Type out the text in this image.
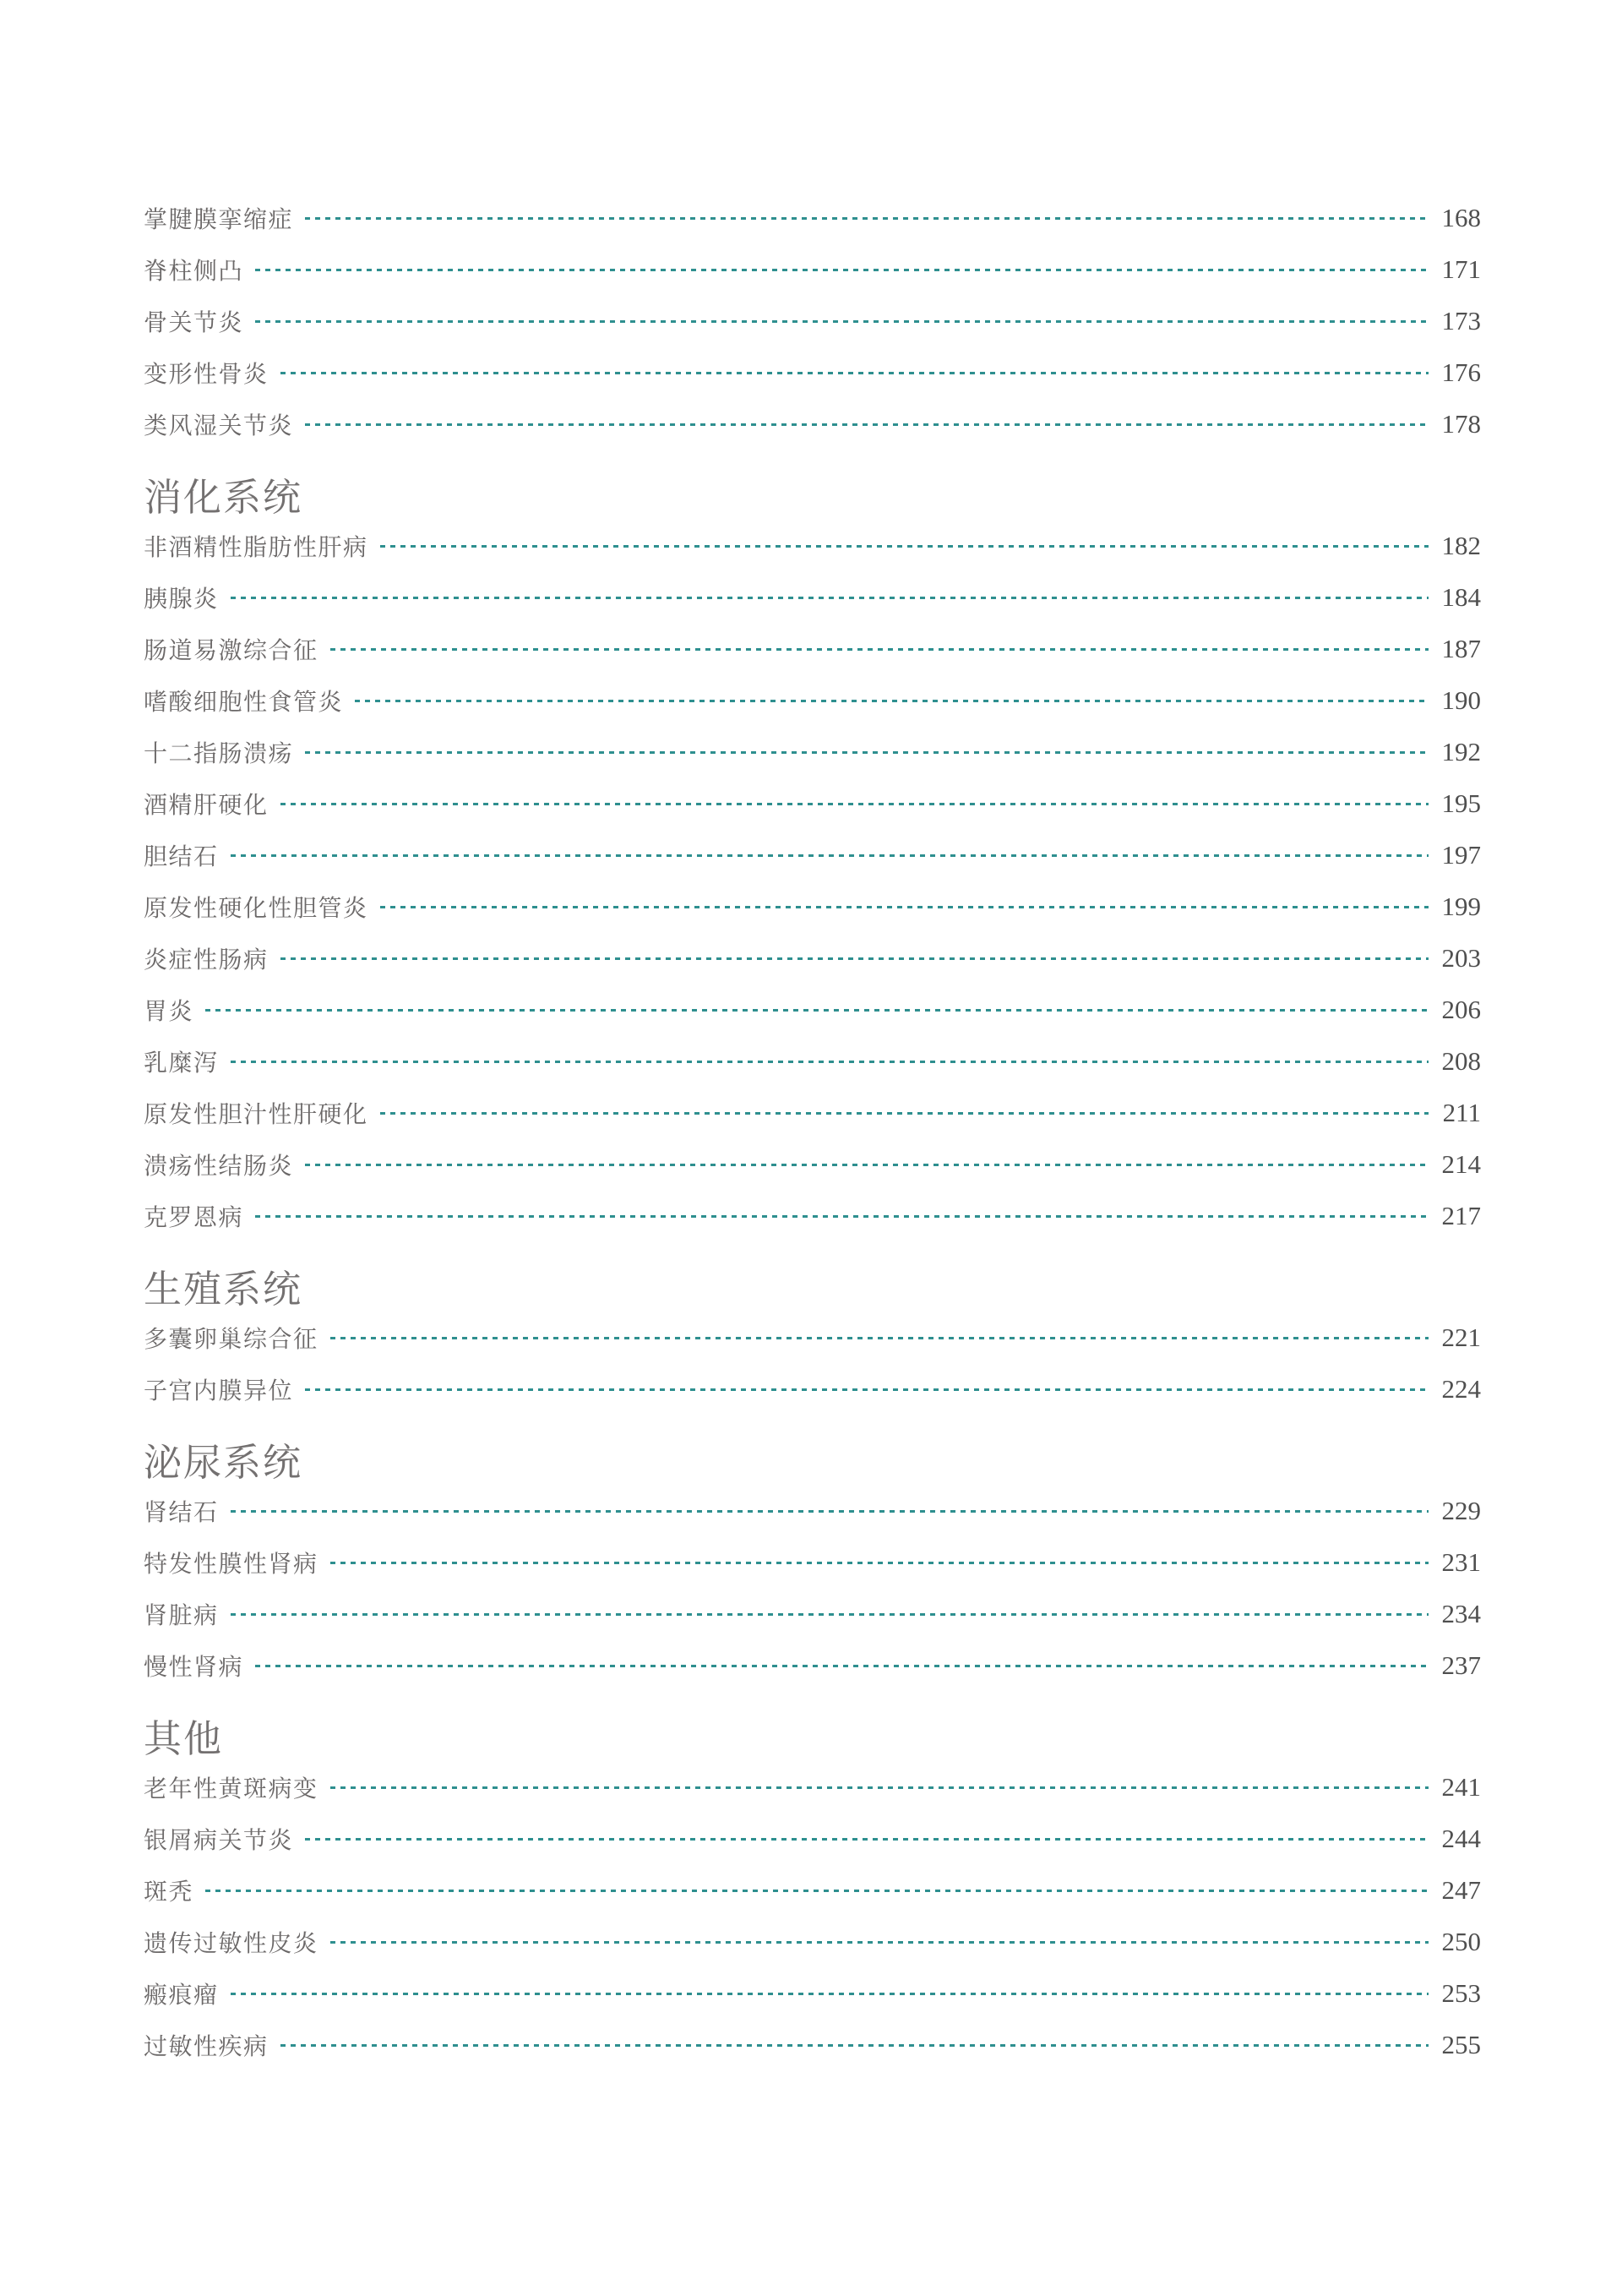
掌腱膜挛缩症	168
脊柱侧凸	171
骨关节炎	173
变形性骨炎	176
类风湿关节炎	178
消化系统
非酒精性脂肪性肝病	182
胰腺炎	184
肠道易激综合征	187
嗜酸细胞性食管炎	190
十二指肠溃疡	192
酒精肝硬化	195
胆结石	197
原发性硬化性胆管炎	199
炎症性肠病	203
胃炎	206
乳糜泻	208
原发性胆汁性肝硬化	211
溃疡性结肠炎	214
克罗恩病	217
生殖系统
多囊卵巢综合征	221
子宫内膜异位	224
泌尿系统
肾结石	229
特发性膜性肾病	231
肾脏病	234
慢性肾病	237
其他
老年性黄斑病变	241
银屑病关节炎	244
斑秃	247
遗传过敏性皮炎	250
瘢痕瘤	253
过敏性疾病	255
